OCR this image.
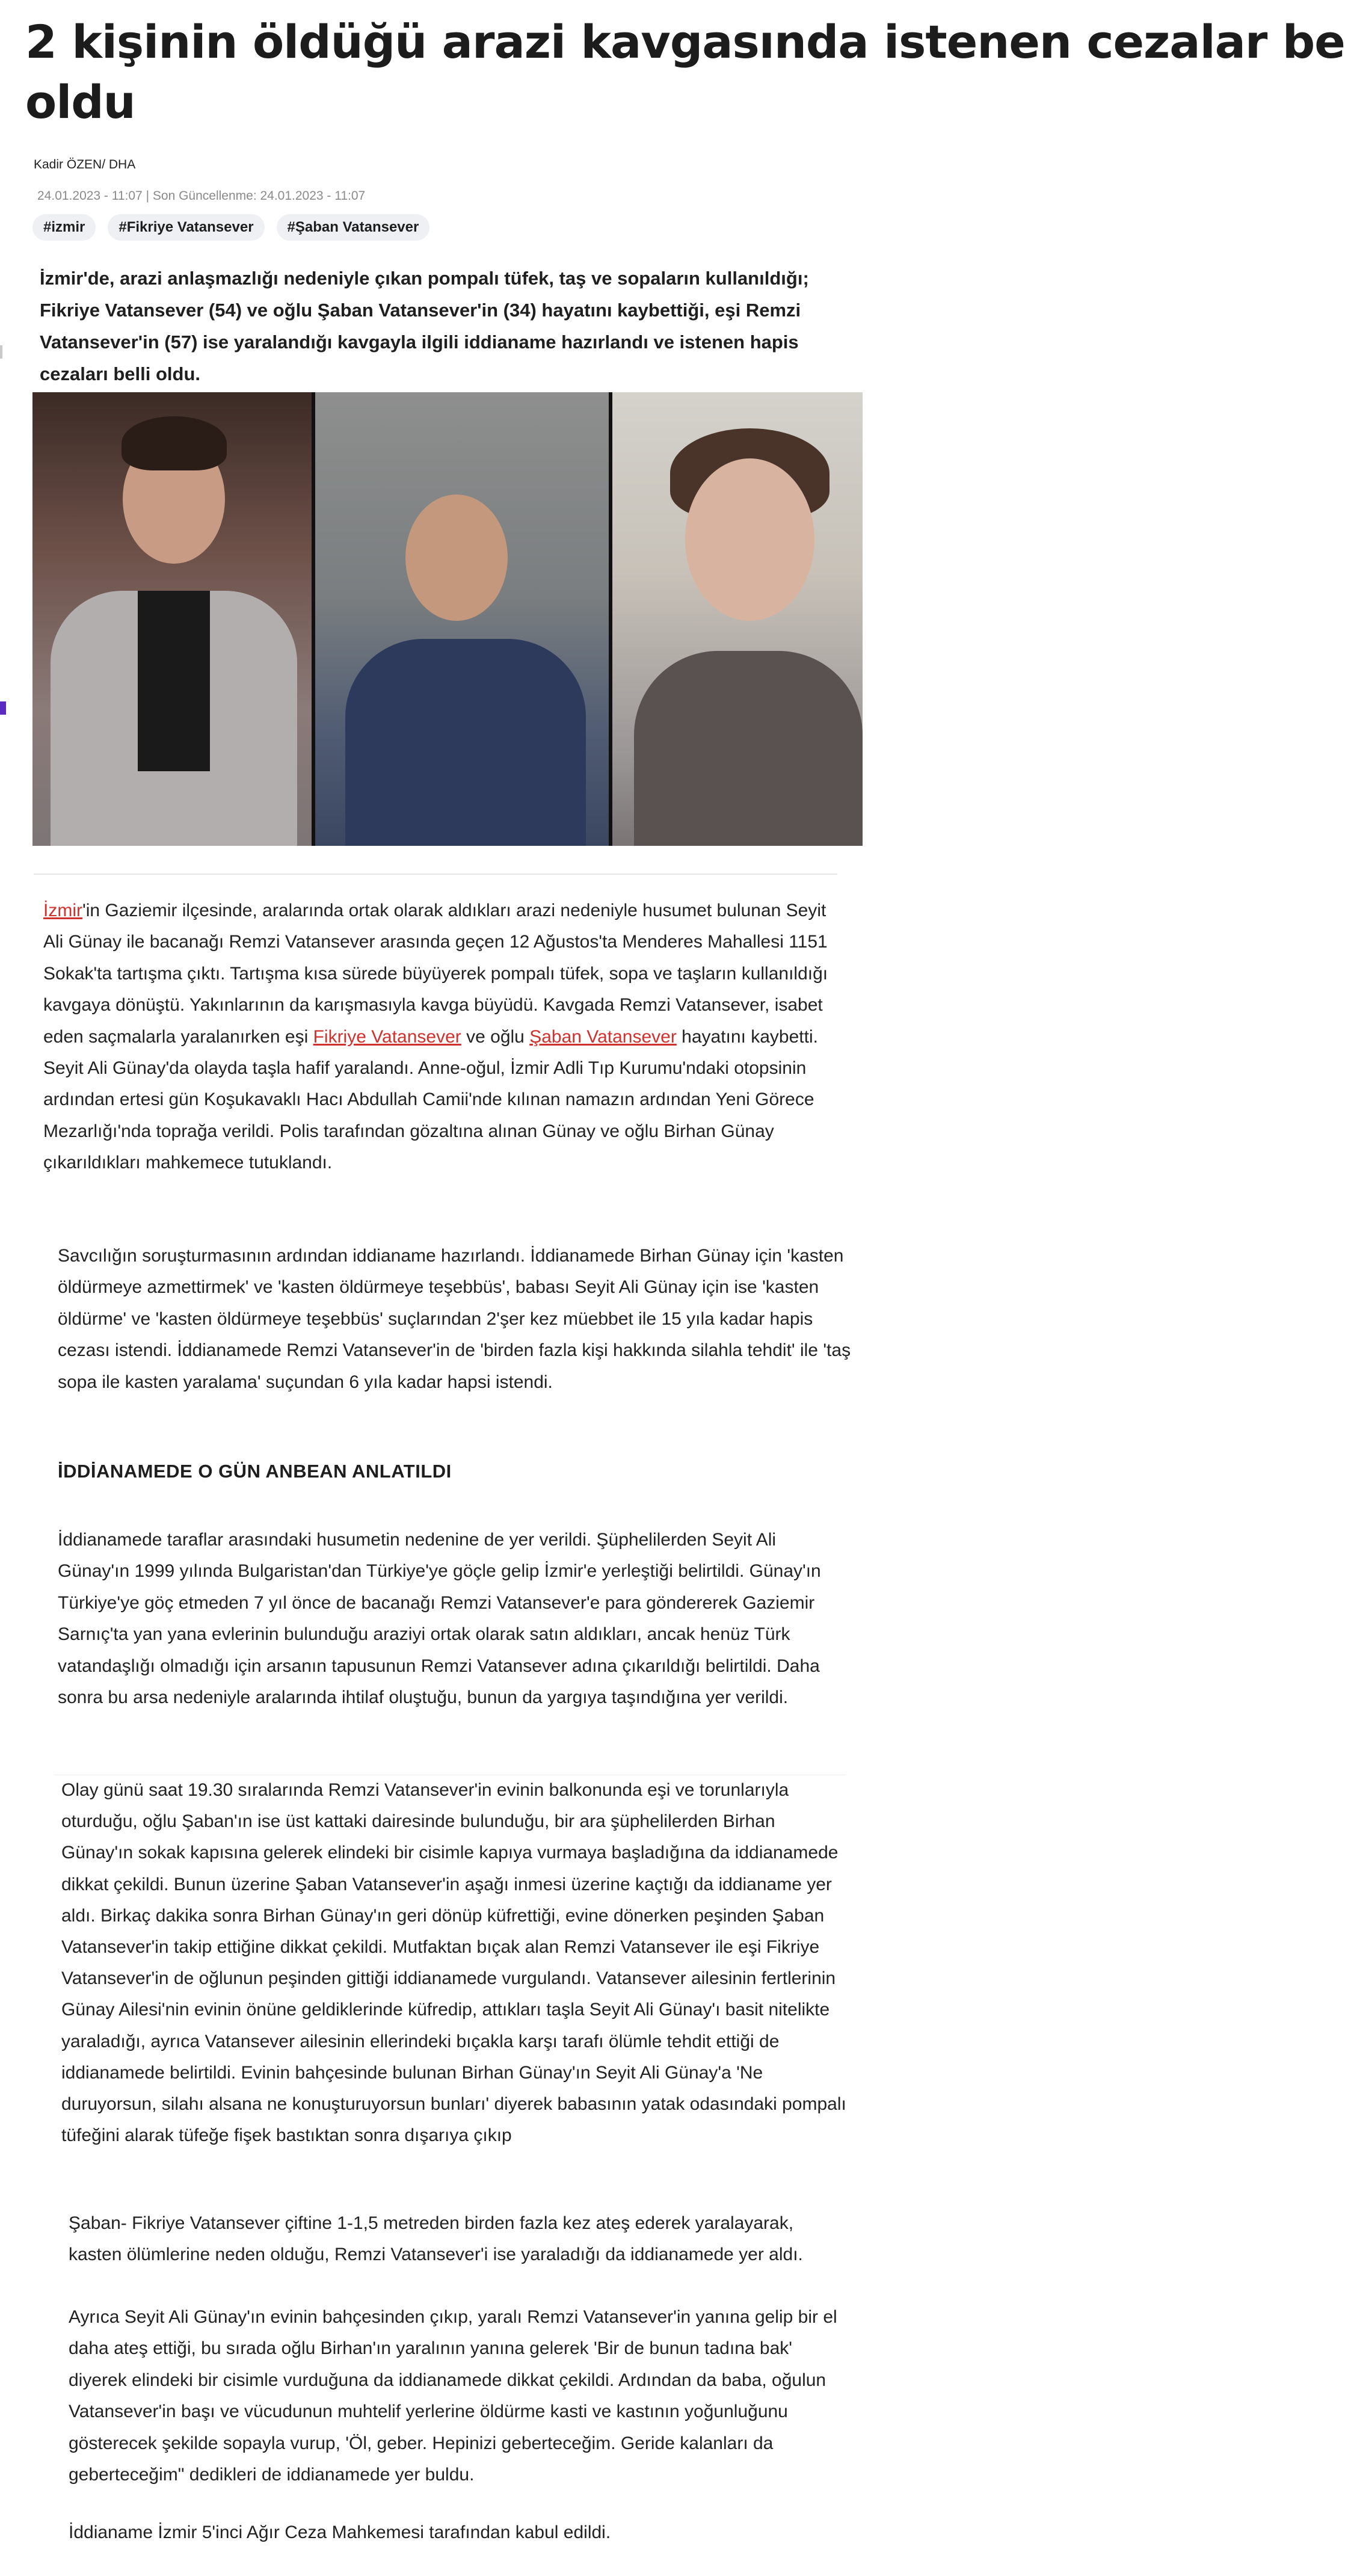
2 kişinin öldüğü arazi kavgasında istenen cezalar be
oldu
Kadir ÖZEN/ DHA
24.01.2023 - 11:07 | Son Güncellenme: 24.01.2023 - 11:07
#izmir	#Fikriye Vatansever	#Şaban Vatansever

İzmir'de, arazi anlaşmazlığı nedeniyle çıkan pompalı tüfek, taş ve sopaların kullanıldığı; Fikriye Vatansever (54) ve oğlu Şaban Vatansever'in (34) hayatını kaybettiği, eşi Remzi Vatansever'in (57) ise yaralandığı kavgayla ilgili iddianame hazırlandı ve istenen hapis cezaları belli oldu.

İzmir'in Gaziemir ilçesinde, aralarında ortak olarak aldıkları arazi nedeniyle husumet bulunan Seyit Ali Günay ile bacanağı Remzi Vatansever arasında geçen 12 Ağustos'ta Menderes Mahallesi 1151 Sokak'ta tartışma çıktı. Tartışma kısa sürede büyüyerek pompalı tüfek, sopa ve taşların kullanıldığı kavgaya dönüştü. Yakınlarının da karışmasıyla kavga büyüdü. Kavgada Remzi Vatansever, isabet eden saçmalarla yaralanırken eşi Fikriye Vatansever ve oğlu Şaban Vatansever hayatını kaybetti. Seyit Ali Günay'da olayda taşla hafif yaralandı. Anne-oğul, İzmir Adli Tıp Kurumu'ndaki otopsinin ardından ertesi gün Koşukavaklı Hacı Abdullah Camii'nde kılınan namazın ardından Yeni Görece Mezarlığı'nda toprağa verildi. Polis tarafından gözaltına alınan Günay ve oğlu Birhan Günay çıkarıldıkları mahkemece tutuklandı.

Savcılığın soruşturmasının ardından iddianame hazırlandı. İddianamede Birhan Günay için 'kasten öldürmeye azmettirmek' ve 'kasten öldürmeye teşebbüs', babası Seyit Ali Günay için ise 'kasten öldürme' ve 'kasten öldürmeye teşebbüs' suçlarından 2'şer kez müebbet ile 15 yıla kadar hapis cezası istendi. İddianamede Remzi Vatansever'in de 'birden fazla kişi hakkında silahla tehdit' ile 'taş sopa ile kasten yaralama' suçundan 6 yıla kadar hapsi istendi.

İDDİANAMEDE O GÜN ANBEAN ANLATILDI

İddianamede taraflar arasındaki husumetin nedenine de yer verildi. Şüphelilerden Seyit Ali Günay'ın 1999 yılında Bulgaristan'dan Türkiye'ye göçle gelip İzmir'e yerleştiği belirtildi. Günay'ın Türkiye'ye göç etmeden 7 yıl önce de bacanağı Remzi Vatansever'e para göndererek Gaziemir Sarnıç'ta yan yana evlerinin bulunduğu araziyi ortak olarak satın aldıkları, ancak henüz Türk vatandaşlığı olmadığı için arsanın tapusunun Remzi Vatansever adına çıkarıldığı belirtildi. Daha sonra bu arsa nedeniyle aralarında ihtilaf oluştuğu, bunun da yargıya taşındığına yer verildi.

Olay günü saat 19.30 sıralarında Remzi Vatansever'in evinin balkonunda eşi ve torunlarıyla oturduğu, oğlu Şaban'ın ise üst kattaki dairesinde bulunduğu, bir ara şüphelilerden Birhan Günay'ın sokak kapısına gelerek elindeki bir cisimle kapıya vurmaya başladığına da iddianamede dikkat çekildi. Bunun üzerine Şaban Vatansever'in aşağı inmesi üzerine kaçtığı da iddianame yer aldı. Birkaç dakika sonra Birhan Günay'ın geri dönüp küfrettiği, evine dönerken peşinden Şaban Vatansever'in takip ettiğine dikkat çekildi. Mutfaktan bıçak alan Remzi Vatansever ile eşi Fikriye Vatansever'in de oğlunun peşinden gittiği iddianamede vurgulandı. Vatansever ailesinin fertlerinin Günay Ailesi'nin evinin önüne geldiklerinde küfredip, attıkları taşla Seyit Ali Günay'ı basit nitelikte yaraladığı, ayrıca Vatansever ailesinin ellerindeki bıçakla karşı tarafı ölümle tehdit ettiği de iddianamede belirtildi. Evinin bahçesinde bulunan Birhan Günay'ın Seyit Ali Günay'a 'Ne duruyorsun, silahı alsana ne konuşturuyorsun bunları' diyerek babasının yatak odasındaki pompalı tüfeğini alarak tüfeğe fişek bastıktan sonra dışarıya çıkıp

Şaban- Fikriye Vatansever çiftine 1-1,5 metreden birden fazla kez ateş ederek yaralayarak, kasten ölümlerine neden olduğu, Remzi Vatansever'i ise yaraladığı da iddianamede yer aldı.

Ayrıca Seyit Ali Günay'ın evinin bahçesinden çıkıp, yaralı Remzi Vatansever'in yanına gelip bir el daha ateş ettiği, bu sırada oğlu Birhan'ın yaralının yanına gelerek 'Bir de bunun tadına bak' diyerek elindeki bir cisimle vurduğuna da iddianamede dikkat çekildi. Ardından da baba, oğulun Vatansever'in başı ve vücudunun muhtelif yerlerine öldürme kasti ve kastının yoğunluğunu gösterecek şekilde sopayla vurup, 'Öl, geber. Hepinizi geberteceğim. Geride kalanları da geberteceğim" dedikleri de iddianamede yer buldu.

İddianame İzmir 5'inci Ağır Ceza Mahkemesi tarafından kabul edildi.
